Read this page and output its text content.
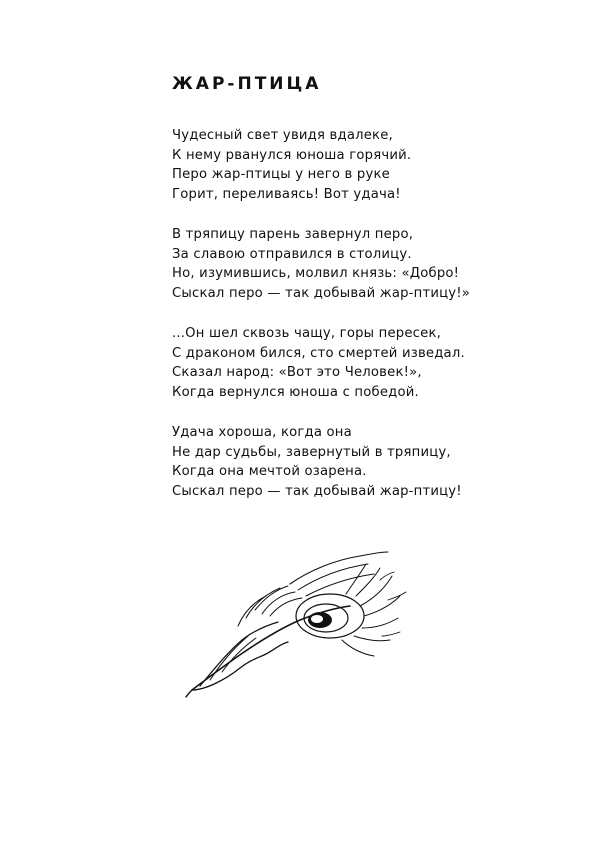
ЖАР-ПТИЦА
Чудесный свет увидя вдалеке,
К нему рванулся юноша горячий.
Перо жар-птицы у него в руке
Горит, переливаясь! Вот удача!
В тряпицу парень завернул перо,
За славою отправился в столицу.
Но, изумившись, молвил князь: «Добро!
Сыскал перо — так добывай жар-птицу!»
...Он шел сквозь чащу, горы пересек,
С драконом бился, сто смертей изведал.
Сказал народ: «Вот это Человек!»,
Когда вернулся юноша с победой.
Удача хороша, когда она
Не дар судьбы, завернутый в тряпицу,
Когда она мечтой озарена.
Сыскал перо — так добывай жар-птицу!
